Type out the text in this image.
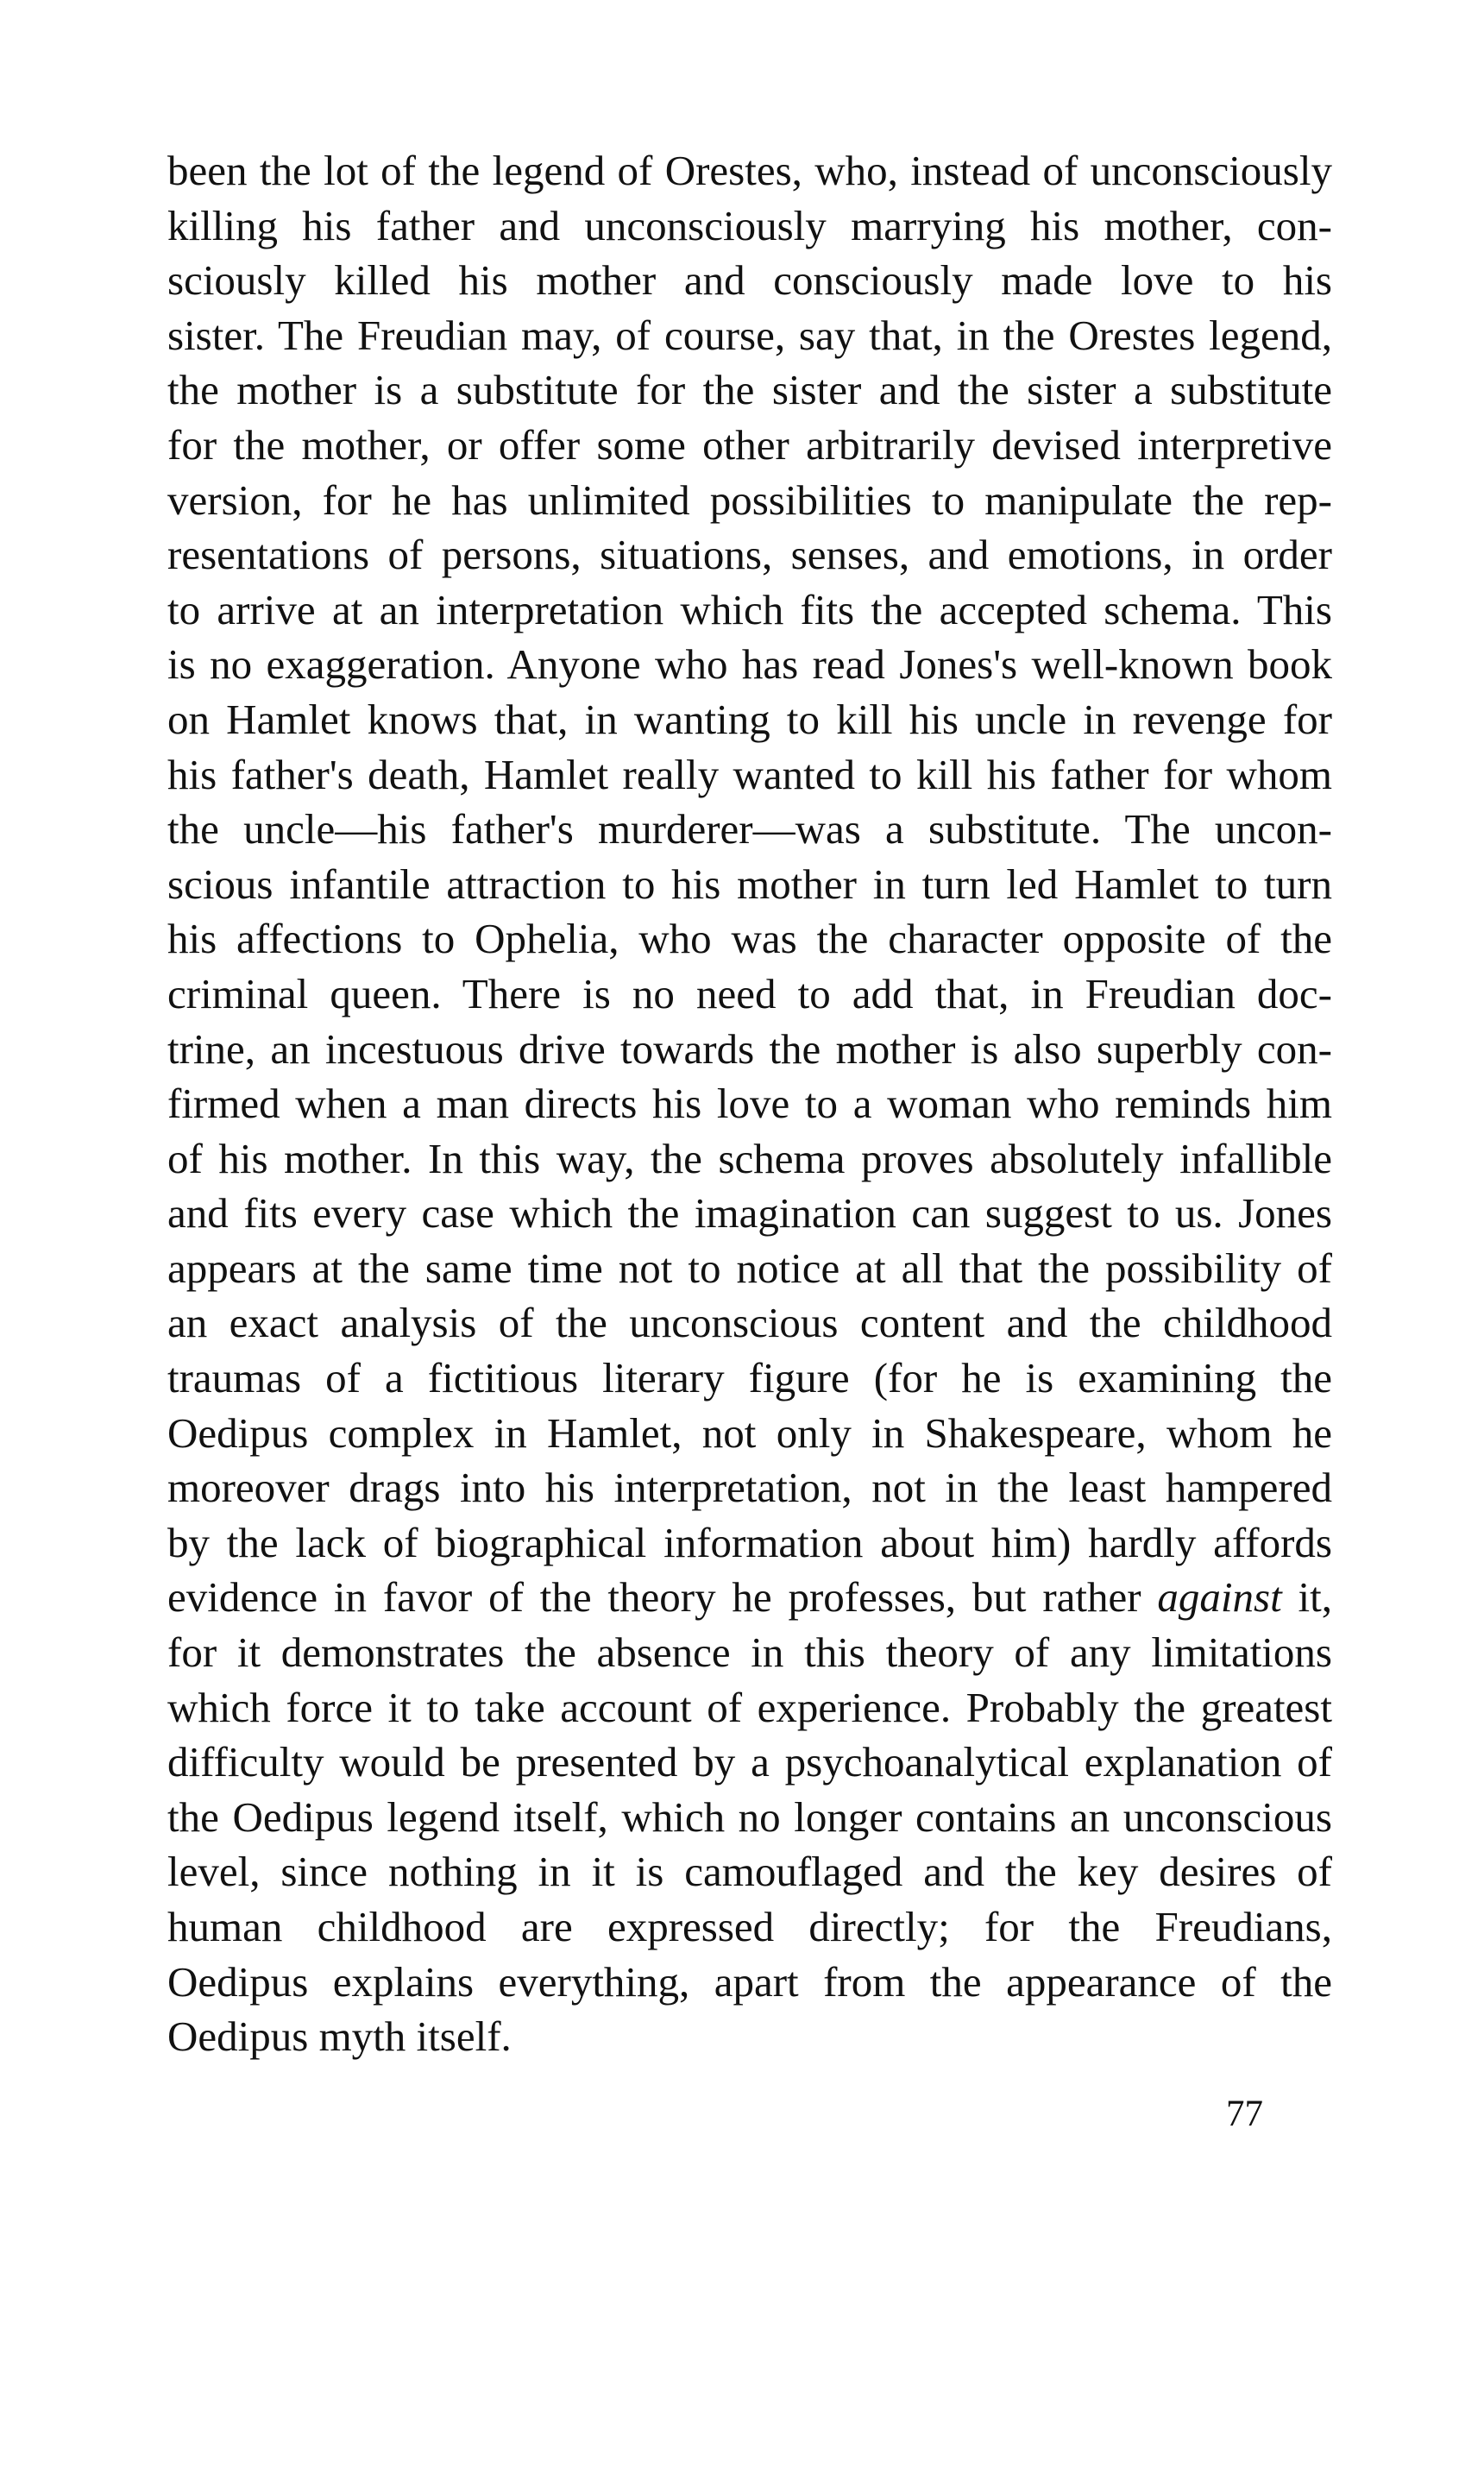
been the lot of the legend of Orestes, who, instead of unconsciously
killing his father and unconsciously marrying his mother, con-
sciously killed his mother and consciously made love to his
sister. The Freudian may, of course, say that, in the Orestes legend,
the mother is a substitute for the sister and the sister a substitute
for the mother, or offer some other arbitrarily devised interpretive
version, for he has unlimited possibilities to manipulate the rep-
resentations of persons, situations, senses, and emotions, in order
to arrive at an interpretation which fits the accepted schema. This
is no exaggeration. Anyone who has read Jones's well-known book
on Hamlet knows that, in wanting to kill his uncle in revenge for
his father's death, Hamlet really wanted to kill his father for whom
the uncle—his father's murderer—was a substitute. The uncon-
scious infantile attraction to his mother in turn led Hamlet to turn
his affections to Ophelia, who was the character opposite of the
criminal queen. There is no need to add that, in Freudian doc-
trine, an incestuous drive towards the mother is also superbly con-
firmed when a man directs his love to a woman who reminds him
of his mother. In this way, the schema proves absolutely infallible
and fits every case which the imagination can suggest to us. Jones
appears at the same time not to notice at all that the possibility of
an exact analysis of the unconscious content and the childhood
traumas of a fictitious literary figure (for he is examining the
Oedipus complex in Hamlet, not only in Shakespeare, whom he
moreover drags into his interpretation, not in the least hampered
by the lack of biographical information about him) hardly affords
evidence in favor of the theory he professes, but rather against it,
for it demonstrates the absence in this theory of any limitations
which force it to take account of experience. Probably the greatest
difficulty would be presented by a psychoanalytical explanation of
the Oedipus legend itself, which no longer contains an unconscious
level, since nothing in it is camouflaged and the key desires of
human childhood are expressed directly; for the Freudians,
Oedipus explains everything, apart from the appearance of the
Oedipus myth itself.
77
